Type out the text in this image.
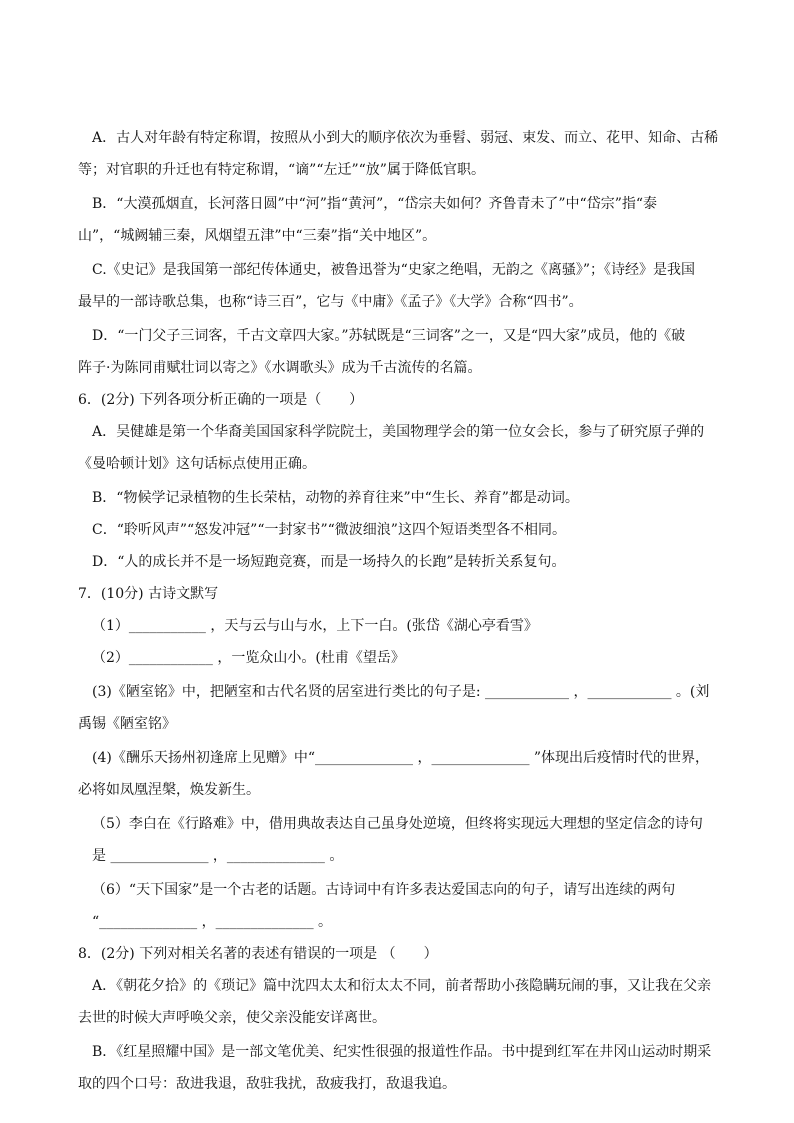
A．古人对年龄有特定称谓，按照从小到大的顺序依次为垂髫、弱冠、束发、而立、花甲、知命、古稀
等；对官职的升迁也有特定称谓，“谪”“左迁”“放”属于降低官职。
B．“大漠孤烟直，长河落日圆”中“河”指“黄河”，“岱宗夫如何？齐鲁青未了”中“岱宗”指“泰
山”，“城阙辅三秦，风烟望五津”中“三秦”指“关中地区”。
C.《史记》是我国第一部纪传体通史，被鲁迅誉为“史家之绝唱，无韵之《离骚》”；《诗经》是我国
最早的一部诗歌总集，也称“诗三百”，它与《中庸》《孟子》《大学》合称“四书”。
D．“一门父子三词客，千古文章四大家。”苏轼既是“三词客”之一，又是“四大家”成员，他的《破
阵子·为陈同甫赋壮词以寄之》《水调歌头》成为千古流传的名篇。
6．(2分) 下列各项分析正确的一项是（　　）
A．吴健雄是第一个华裔美国国家科学院院士，美国物理学会的第一位女会长，参与了研究原子弹的
《曼哈顿计划》这句话标点使用正确。
B．“物候学记录植物的生长荣枯，动物的养育往来”中“生长、养育”都是动词。
C．“聆听风声”“怒发冲冠”“一封家书”“微波细浪”这四个短语类型各不相同。
D．“人的成长并不是一场短跑竞赛，而是一场持久的长跑”是转折关系复句。
7．(10分) 古诗文默写
（1）___________ ，天与云与山与水，上下一白。(张岱《湖心亭看雪》
（2）____________ ，一览众山小。(杜甫《望岳》
(3)《陋室铭》中，把陋室和古代名贤的居室进行类比的句子是: ____________ ，____________ 。(刘
禹锡《陋室铭》
(4)《酬乐天扬州初逢席上见赠》中“______________ ，______________ ”体现出后疫情时代的世界，
必将如凤凰涅槃，焕发新生。
（5）李白在《行路难》中，借用典故表达自己虽身处逆境，但终将实现远大理想的坚定信念的诗句
是 ______________ ，______________ 。
（6）“天下国家”是一个古老的话题。古诗词中有许多表达爱国志向的句子，请写出连续的两句
“______________ ，______________ 。
8．(2分) 下列对相关名著的表述有错误的一项是 （　　）
A．《朝花夕拾》的《琐记》篇中沈四太太和衍太太不同，前者帮助小孩隐瞒玩闹的事，又让我在父亲
去世的时候大声呼唤父亲，使父亲没能安详离世。
B．《红星照耀中国》是一部文笔优美、纪实性很强的报道性作品。书中提到红军在井冈山运动时期采
取的四个口号：敌进我退，敌驻我扰，敌疲我打，敌退我追。
